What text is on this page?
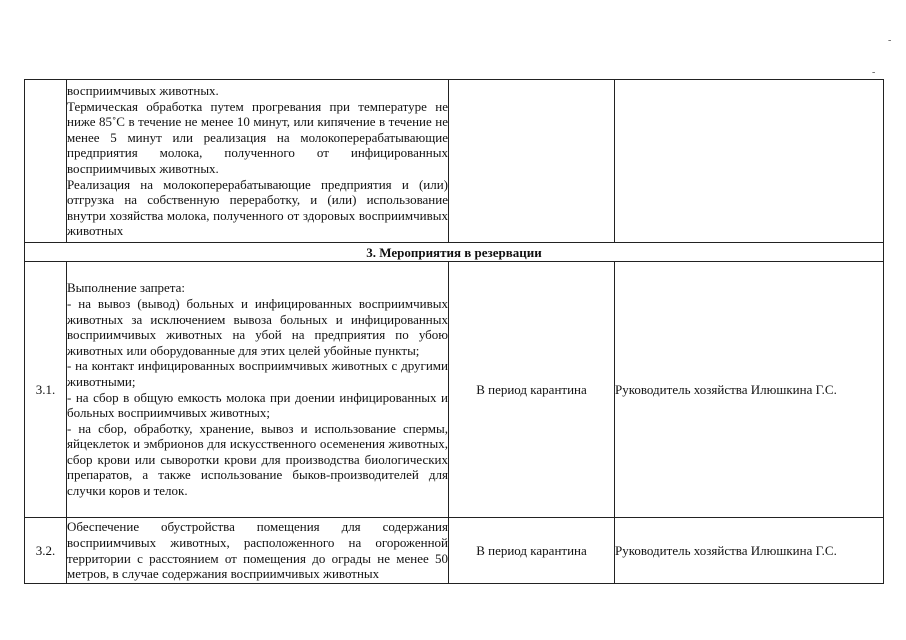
-
-

	восприимчивых животных.

Термическая обработка путем прогревания при температуре не ниже 85˚С в течение не менее 10 минут, или кипячение в течение не менее 5 минут или реализация на молокоперерабатывающие предприятия молока, полученного от инфицированных восприимчивых животных.

Реализация на молокоперерабатывающие предприятия и (или) отгрузка на собственную переработку, и (или) использование внутри хозяйства молока, полученного от здоровых восприимчивых животных		

3. Мероприятия в резервации			
3.1.	Выполнение запрета:

- на вывоз (вывод) больных и инфицированных восприимчивых животных за исключением вывоза больных и инфицированных восприимчивых животных на убой на предприятия по убою животных или оборудованные для этих целей убойные пункты;

- на контакт инфицированных восприимчивых животных с другими животными;

- на сбор в общую емкость молока при доении инфицированных и больных восприимчивых животных;

- на сбор, обработку, хранение, вывоз и использование спермы, яйцеклеток и эмбрионов для искусственного осеменения животных, сбор крови или сыворотки крови для производства биологических препаратов, а также использование быков-производителей для случки коров и телок.	В период карантина	Руководитель хозяйства Илюшкина Г.С.
3.2.	Обеспечение обустройства помещения для содержания восприимчивых животных, расположенного на огороженной территории с расстоянием от помещения до ограды не менее 50 метров, в случае содержания восприимчивых животных	В период карантина	Руководитель хозяйства Илюшкина Г.С.
